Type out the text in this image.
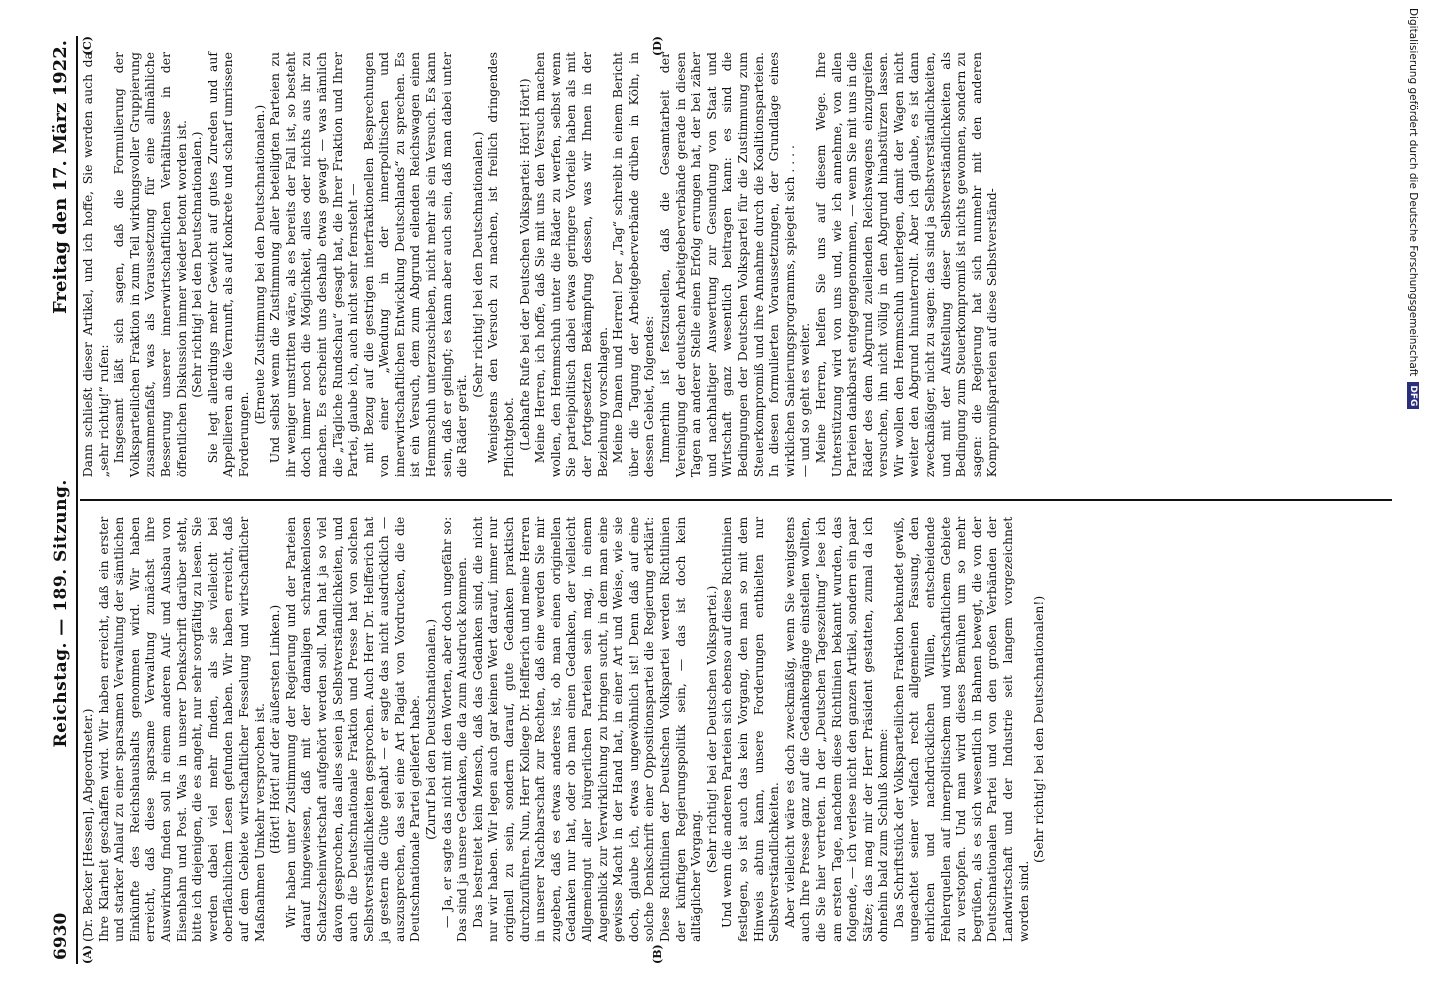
6930
Reichstag. — 189. Sitzung.
Freitag den 17. März 1922.
(A)	(B)

(Dr. Becker [Hessen], Abgeordneter.) Ihre Klarheit geschaffen wird. Wir haben erreicht, daß ein erster und starker Anlauf zu einer sparsamen Verwaltung der sämtlichen Einkünfte des Reichshaushalts genommen wird. Wir haben erreicht, daß diese sparsame Verwaltung zunächst ihre Auswirkung finden soll in einem anderen Auf- und Ausbau von Eisenbahn und Post. Was in unserer Denkschrift darüber steht, bitte ich diejenigen, die es angeht, nur sehr sorgfältig zu lesen. Sie werden dabei viel mehr finden, als sie vielleicht bei oberflächlichem Lesen gefunden haben. Wir haben erreicht, daß auf dem Gebiete wirtschaftlicher Fesselung und wirtschaftlicher Maßnahmen Umkehr versprochen ist. (Hört! Hört! auf der äußersten Linken.) Wir haben unter Zustimmung der Regierung und der Parteien darauf hingewiesen, daß mit der damaligen schrankenlosen Schatzscheinwirtschaft aufgehört werden soll. Man hat ja so viel davon gesprochen, das alles seien ja Selbstverständlichkeiten, und auch die Deutschnationale Fraktion und Presse hat von solchen Selbstverständlichkeiten gesprochen. Auch Herr Dr. Helfferich hat ja gestern die Güte gehabt — er sagte das nicht ausdrücklich — auszusprechen, das sei eine Art Plagiat von Vordrucken, die die Deutschnationale Partei geliefert habe. (Zuruf bei den Deutschnationalen.) — Ja, er sagte das nicht mit den Worten, aber doch ungefähr so: Das sind ja unsere Gedanken, die da zum Ausdruck kommen. Das bestreitet kein Mensch, daß das Gedanken sind, die nicht nur wir haben. Wir legen auch gar keinen Wert darauf, immer nur originell zu sein, sondern darauf, gute Gedanken praktisch durchzuführen. Nun, Herr Kollege Dr. Helfferich und meine Herren in unserer Nachbarschaft zur Rechten, daß eine werden Sie mir zugeben, daß es etwas anderes ist, ob man einen originellen Gedanken nur hat, oder ob man einen Gedanken, der vielleicht Allgemeingut aller bürgerlichen Parteien sein mag, in einem Augenblick zur Verwirklichung zu bringen sucht, in dem man eine gewisse Macht in der Hand hat, in einer Art und Weise, wie sie doch, glaube ich, etwas ungewöhnlich ist! Denn daß auf eine solche Denkschrift einer Oppositionspartei die Regierung erklärt: Diese Richtlinien der Deutschen Volkspartei werden Richtlinien der künftigen Regierungspolitik sein, — das ist doch kein alltäglicher Vorgang.

(Sehr richtig! bei der Deutschen Volkspartei.) Und wenn die anderen Parteien sich ebenso auf diese Richtlinien festlegen, so ist auch das kein Vorgang, den man so mit dem Hinweis abtun kann, unsere Forderungen enthielten nur Selbstverständlichkeiten. Aber vielleicht wäre es doch zweckmäßig, wenn Sie wenigstens auch Ihre Presse ganz auf die Gedankengänge einstellen wollten, die Sie hier vertreten. In der „Deutschen Tageszeitung“ lese ich am ersten Tage, nachdem diese Richtlinien bekannt wurden, das folgende, — ich verlese nicht den ganzen Artikel, sondern ein paar Sätze; das mag mir der Herr Präsident gestatten, zumal da ich ohnehin bald zum Schluß komme: Das Schriftstück der Volksparteilichen Fraktion bekundet gewiß, ungeachtet seiner vielfach recht allgemeinen Fassung, den ehrlichen und nachdrücklichen Willen, entscheidende Fehlerquellen auf innerpolitischem und wirtschaftlichem Gebiete zu verstopfen. Und man wird dieses Bemühen um so mehr begrüßen, als es sich wesentlich in Bahnen bewegt, die von der Deutschnationalen Partei und von den großen Verbänden der Landwirtschaft und der Industrie seit langem vorgezeichnet worden sind.

(Sehr richtig! bei den Deutschnationalen!)

(C)	(D)

Dann schließt dieser Artikel, und ich hoffe, Sie werden auch da „sehr richtig!“ rufen: Insgesamt läßt sich sagen, daß die Formulierung der Volksparteilichen Fraktion in zum Teil wirkungsvoller Gruppierung zusammenfaßt, was als Voraussetzung für eine allmähliche Besserung unserer innerwirtschaftlichen Verhältnisse in der öffentlichen Diskussion immer wieder betont worden ist. (Sehr richtig! bei den Deutschnationalen.) Sie legt allerdings mehr Gewicht auf gutes Zureden und auf Appellieren an die Vernunft, als auf konkrete und scharf umrissene Forderungen.

(Erneute Zustimmung bei den Deutschnationalen.) Und selbst wenn die Zustimmung aller beteiligten Parteien zu ihr weniger umstritten wäre, als es bereits der Fall ist, so besteht doch immer noch die Möglichkeit, alles oder nichts aus ihr zu machen. Es erscheint uns deshalb etwas gewagt — was nämlich die „Tägliche Rundschau“ gesagt hat, die Ihrer Fraktion und Ihrer Partei, glaube ich, auch nicht sehr fernsteht — mit Bezug auf die gestrigen interfraktionellen Besprechungen von einer „Wendung in der innerpolitischen und innerwirtschaftlichen Entwicklung Deutschlands“ zu sprechen. Es ist ein Versuch, dem zum Abgrund eilenden Reichswagen einen Hemmschuh unterzuschieben, nicht mehr als ein Versuch. Es kann sein, daß er gelingt; es kann aber auch sein, daß man dabei unter die Räder gerät.

(Sehr richtig! bei den Deutschnationalen.) Wenigstens den Versuch zu machen, ist freilich dringendes Pflichtgebot. (Lebhafte Rufe bei der Deutschen Volkspartei: Hört! Hört!) Meine Herren, ich hoffe, daß Sie mit uns den Versuch machen wollen, den Hemmschuh unter die Räder zu werfen, selbst wenn Sie parteipolitisch dabei etwas geringere Vorteile haben als mit der fortgesetzten Bekämpfung dessen, was wir Ihnen in der Beziehung vorschlagen. Meine Damen und Herren! Der „Tag“ schreibt in einem Bericht über die Tagung der Arbeitgeberverbände drüben in Köln, in dessen Gebiet, folgendes: Immerhin ist festzustellen, daß die Gesamtarbeit der Vereinigung der deutschen Arbeitgeberverbände gerade in diesen Tagen an anderer Stelle einen Erfolg errungen hat, der bei zäher und nachhaltiger Auswertung zur Gesundung von Staat und Wirtschaft ganz wesentlich beitragen kann: es sind die Bedingungen der Deutschen Volkspartei für die Zustimmung zum Steuerkompromiß und ihre Annahme durch die Koalitionsparteien. In diesen formulierten Voraussetzungen, der Grundlage eines wirklichen Sanierungsprogramms, spiegelt sich . . . . — und so geht es weiter. Meine Herren, helfen Sie uns auf diesem Wege. Ihre Unterstützung wird von uns und, wie ich annehme, von allen Parteien dankbarst entgegengenommen, — wenn Sie mit uns in die Räder des dem Abgrund zueilenden Reichswagens einzugreifen versuchen, ihn nicht völlig in den Abgrund hinabstürzen lassen. Wir wollen den Hemmschuh unterlegen, damit der Wagen nicht weiter den Abgrund hinunterrollt. Aber ich glaube, es ist dann zwecknäßiger, nicht zu sagen: das sind ja Selbstverständlichkeiten, und mit der Aufstellung dieser Selbstverständlichkeiten als Bedingung zum Steuerkompromiß ist nichts gewonnen, sondern zu sagen: die Regierung hat sich nunmehr mit den anderen Kompromißparteien auf diese Selbstverständ-	Digitalisierung gefördert durch die Deutsche Forschungsgemeinschaft
DFG
